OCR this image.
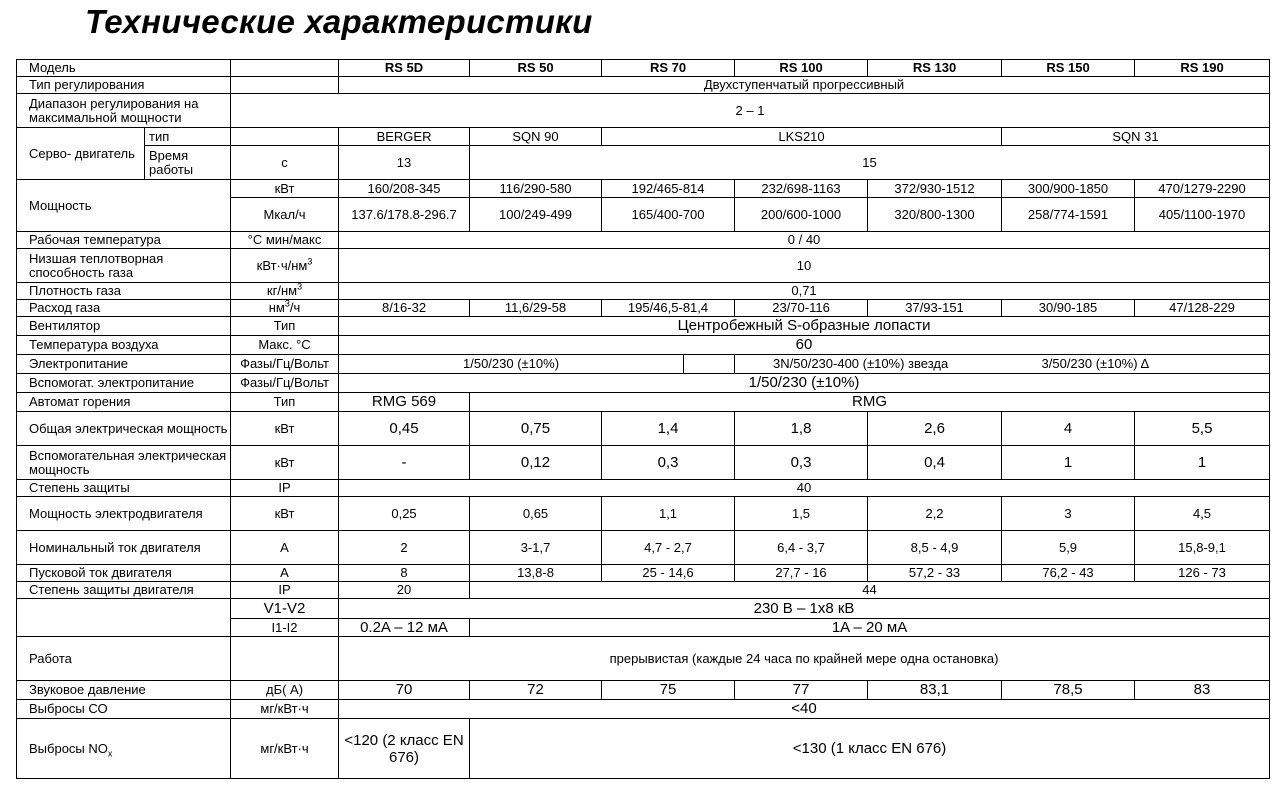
Технические характеристики
Модель			RS 5D	RS 50	RS 70	RS 100	RS 130	RS 150	RS 190
Тип регулирования			Двухступенчатый прогрессивный						
Диапазон регулирования на максимальной мощности		2 – 1							
Серво- двигатель	тип		BERGER	SQN 90	LKS210			SQN 31	
	Время работы	с	13	15					
Мощность		кВт	160/208-345	116/290-580	192/465-814	232/698-1163	372/930-1512	300/900-1850	470/1279-2290
		Мкал/ч	137.6/178.8-296.7	100/249-499	165/400-700	200/600-1000	320/800-1300	258/774-1591	405/1100-1970
Рабочая температура		°С мин/макс	0 / 40						
Низшая теплотворная способность газа		$кВт\cdot ч/нм^3$	10						
Плотность газа		$кг/нм^3$	0,71						
Расход газа		$нм^3/ч$	8/16-32	11,6/29-58	195/46,5-81,4	23/70-116	37/93-151	30/90-185	47/128-229
Вентилятор		Тип	Центробежный S-образные лопасти						
Температура воздуха		Макс. °С	60						
Электропитание		Фазы/Гц/Вольт	1/50/230 (±10%)			3N/50/230-400 (±10%) звезда		3/50/230 (±10%) Δ	
Вспомогат. электропитание		Фазы/Гц/Вольт	1/50/230 (±10%)						
Автомат горения		Тип	RMG 569	RMG					
Общая электрическая мощность		кВт	0,45	0,75	1,4	1,8	2,6	4	5,5
Вспомогательная электрическая мощность		кВт	-	0,12	0,3	0,3	0,4	1	1
Степень защиты		IP	40						
Мощность электродвигателя		кВт	0,25	0,65	1,1	1,5	2,2	3	4,5
Номинальный ток двигателя		А	2	3-1,7	4,7 - 2,7	6,4 - 3,7	8,5 - 4,9	5,9	15,8-9,1
Пусковой ток двигателя		А	8	13,8-8	25 - 14,6	27,7 - 16	57,2 - 33	76,2 - 43	126 - 73
Степень защиты двигателя		IP	20	44					
		V1-V2	230 В – 1х8 кВ						
		I1-I2	0.2A – 12 мА	1A – 20 мА					
Работа			прерывистая (каждые 24 часа по крайней мере одна остановка)						
Звуковое давление		дБ( А)	70	72	75	77	83,1	78,5	83
Выбросы СО		мг/кВт·ч	<40						
Выбросы $NO_x$		мг/кВт·ч	<120 (2 класс EN 676)	<130 (1 класс EN 676)					
